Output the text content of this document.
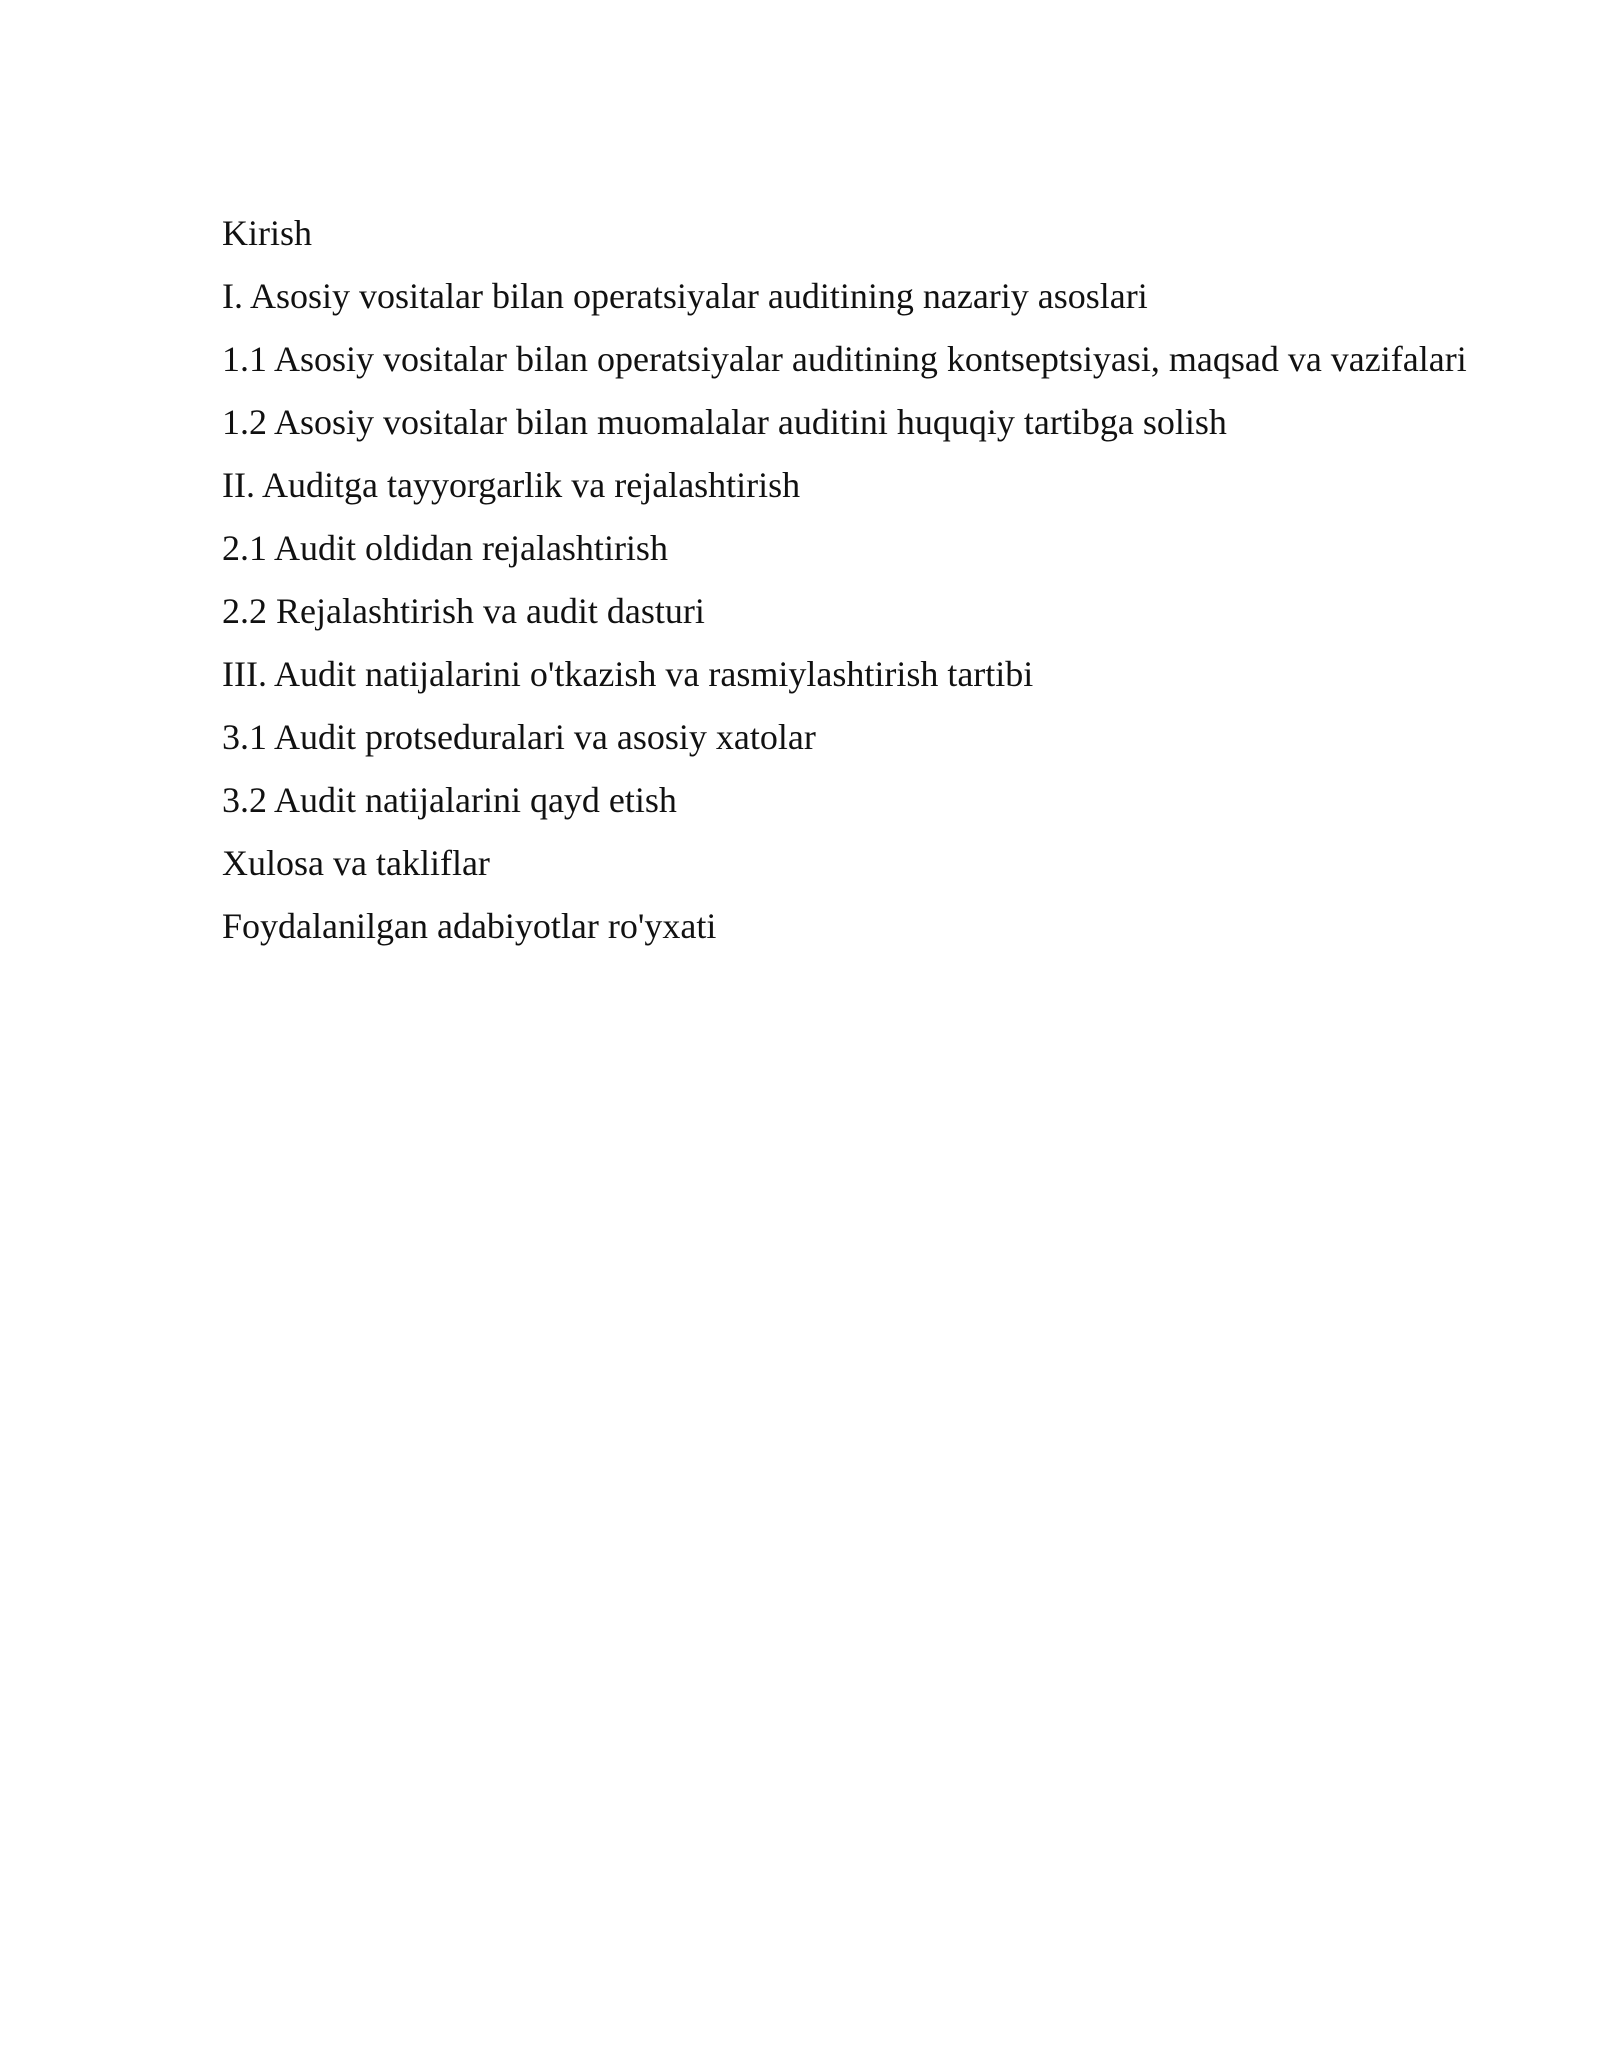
Kirish
I. Asosiy vositalar bilan operatsiyalar auditining nazariy asoslari
1.1 Asosiy vositalar bilan operatsiyalar auditining kontseptsiyasi, maqsad va vazifalari
1.2 Asosiy vositalar bilan muomalalar auditini huquqiy tartibga solish
II. Auditga tayyorgarlik va rejalashtirish
2.1 Audit oldidan rejalashtirish
2.2 Rejalashtirish va audit dasturi
III. Audit natijalarini o'tkazish va rasmiylashtirish tartibi
3.1 Audit protseduralari va asosiy xatolar
3.2 Audit natijalarini qayd etish
Xulosa va takliflar
Foydalanilgan adabiyotlar ro'yxati
